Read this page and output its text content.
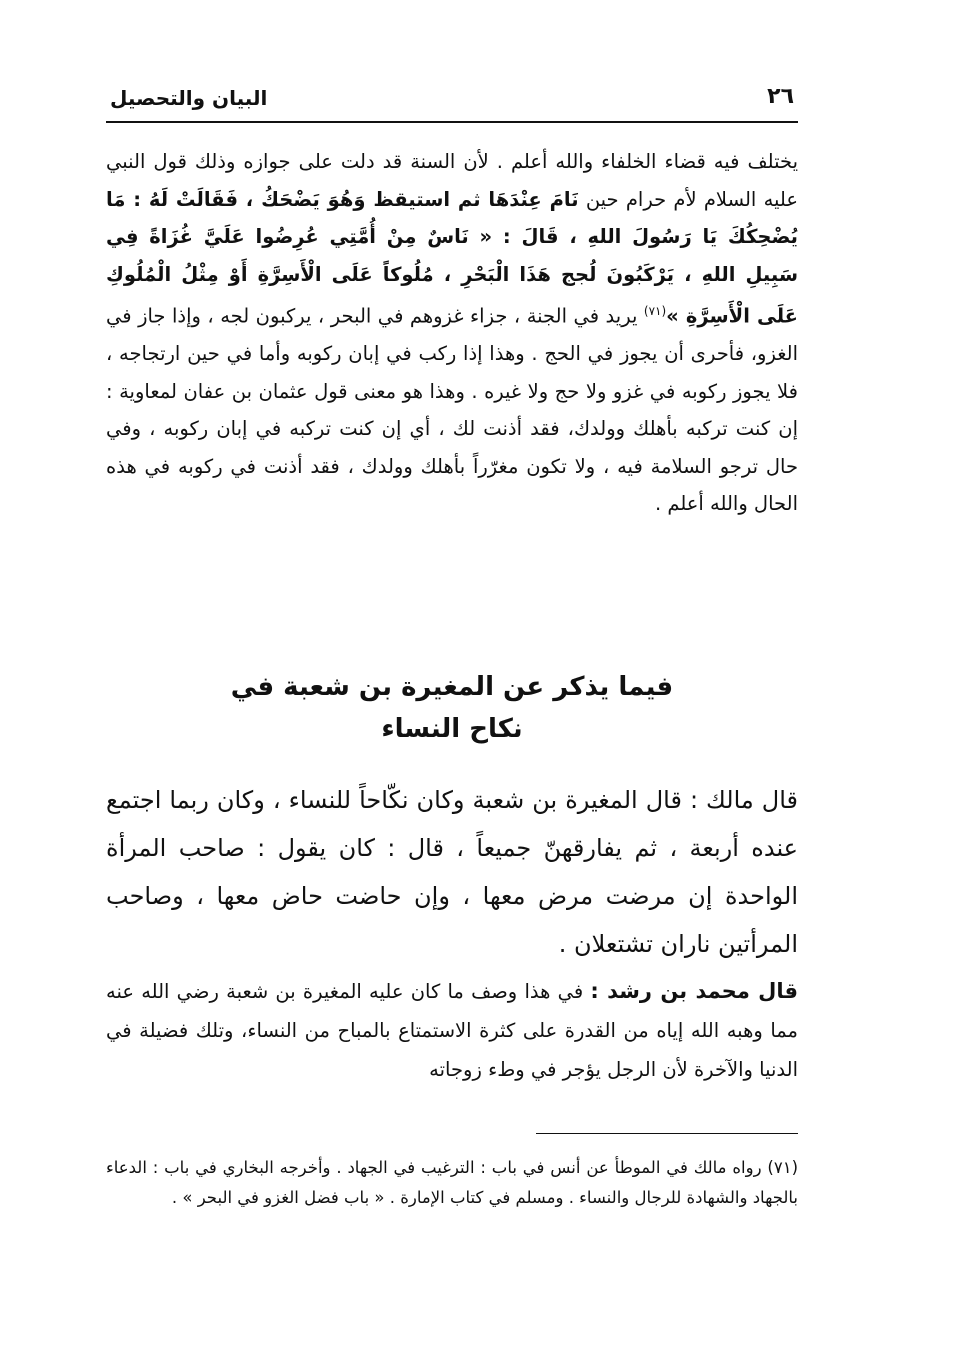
٢٦
البيان والتحصيل
يختلف فيه قضاء الخلفاء والله أعلم . لأن السنة قد دلت على جوازه وذلك قول النبي عليه السلام لأم حرام حين نَامَ عِنْدَهَا ثم استيقظ وَهُوَ يَضْحَكُ ، فَقَالَتْ لَهُ : مَا يُضْحِكُكَ يَا رَسُولَ اللهِ ، قَالَ : « نَاسٌ مِنْ أُمَّتِي عُرِضُوا عَلَيَّ غُزَاةً فِي سَبِيلِ اللهِ ، يَرْكَبُونَ لُجج هَذَا الْبَحْرِ ، مُلُوكاً عَلَى الْأَسِرَّةِ أَوْ مِثْلُ الْمُلُوكِ عَلَى الْأَسِرَّةِ »$^{(٧١)}$ يريد في الجنة ، جزاء غزوهم في البحر ، يركبون لجه ، وإذا جاز في الغزو، فأحرى أن يجوز في الحج . وهذا إذا ركب في إبان ركوبه وأما في حين ارتجاجه ، فلا يجوز ركوبه في غزو ولا حج ولا غيره . وهذا هو معنى قول عثمان بن عفان لمعاوية : إن كنت تركبه بأهلك وولدك، فقد أذنت لك ، أي إن كنت تركبه في إبان ركوبه ، وفي حال ترجو السلامة فيه ، ولا تكون مغرّراً بأهلك وولدك ، فقد أذنت في ركوبه في هذه الحال والله أعلم .
فيما يذكر عن المغيرة بن شعبة في
نكاح النساء
قال مالك : قال المغيرة بن شعبة وكان نكّاحاً للنساء ، وكان ربما اجتمع عنده أربعة ، ثم يفارقهنّ جميعاً ، قال : كان يقول : صاحب المرأة الواحدة إن مرضت مرض معها ، وإن حاضت حاض معها ، وصاحب المرأتين ناران تشتعلان .
قال محمد بن رشد : في هذا وصف ما كان عليه المغيرة بن شعبة رضي الله عنه مما وهبه الله إياه من القدرة على كثرة الاستمتاع بالمباح من النساء، وتلك فضيلة في الدنيا والآخرة لأن الرجل يؤجر في وطء زوجاته
(٧١) رواه مالك في الموطأ عن أنس في باب : الترغيب في الجهاد . وأخرجه البخاري في باب : الدعاء بالجهاد والشهادة للرجال والنساء . ومسلم في كتاب الإمارة . « باب فضل الغزو في البحر » .
